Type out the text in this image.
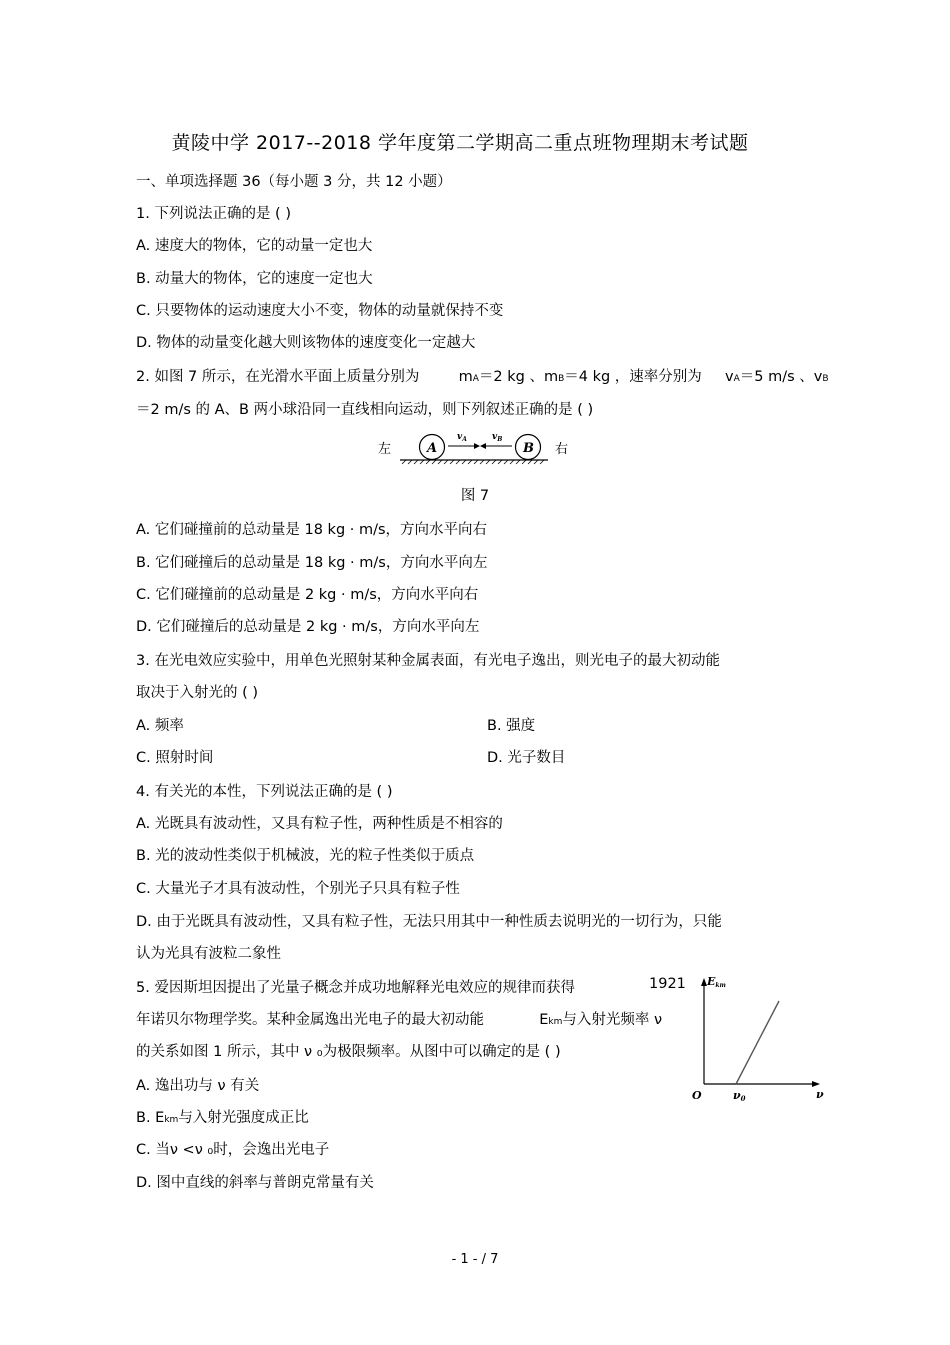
黄陵中学 2017--2018 学年度第二学期高二重点班物理期末考试题
一、单项选择题 36（每小题 3 分，共 12 小题）
1. 下列说法正确的是 ( )
A. 速度大的物体，它的动量一定也大
B. 动量大的物体，它的速度一定也大
C. 只要物体的运动速度大小不变，物体的动量就保持不变
D. 物体的动量变化越大则该物体的速度变化一定越大
2. 如图 7 所示，在光滑水平面上质量分别为	mA＝2 kg 、mB＝4 kg ，速率分别为 vA＝5 m/s 、vB
＝2 m/s 的 A、B 两小球沿同一直线相向运动，则下列叙述正确的是 ( )
左	右
A	B
$v_A$	$v_B$
图 7
A. 它们碰撞前的总动量是 18 kg · m/s，方向水平向右
B. 它们碰撞后的总动量是 18 kg · m/s，方向水平向左
C. 它们碰撞前的总动量是 2 kg · m/s，方向水平向右
D. 它们碰撞后的总动量是 2 kg · m/s，方向水平向左
3. 在光电效应实验中，用单色光照射某种金属表面，有光电子逸出，则光电子的最大初动能
取决于入射光的 ( )
A. 频率	B. 强度
C. 照射时间	D. 光子数目
4. 有关光的本性，下列说法正确的是 ( )
A. 光既具有波动性，又具有粒子性，两种性质是不相容的
B. 光的波动性类似于机械波，光的粒子性类似于质点
C. 大量光子才具有波动性，个别光子只具有粒子性
D. 由于光既具有波动性，又具有粒子性，无法只用其中一种性质去说明光的一切行为，只能
认为光具有波粒二象性
5. 爱因斯坦因提出了光量子概念并成功地解释光电效应的规律而获得	1921
年诺贝尔物理学奖。某种金属逸出光电子的最大初动能	Ekm与入射光频率 ν
的关系如图 1 所示，其中 ν ₀为极限频率。从图中可以确定的是 ( )
A. 逸出功与 ν 有关
B. Ekm与入射光强度成正比
C. 当ν <ν ₀时，会逸出光电子
D. 图中直线的斜率与普朗克常量有关
Ekm
O	ν
ν0
- 1 - / 7
